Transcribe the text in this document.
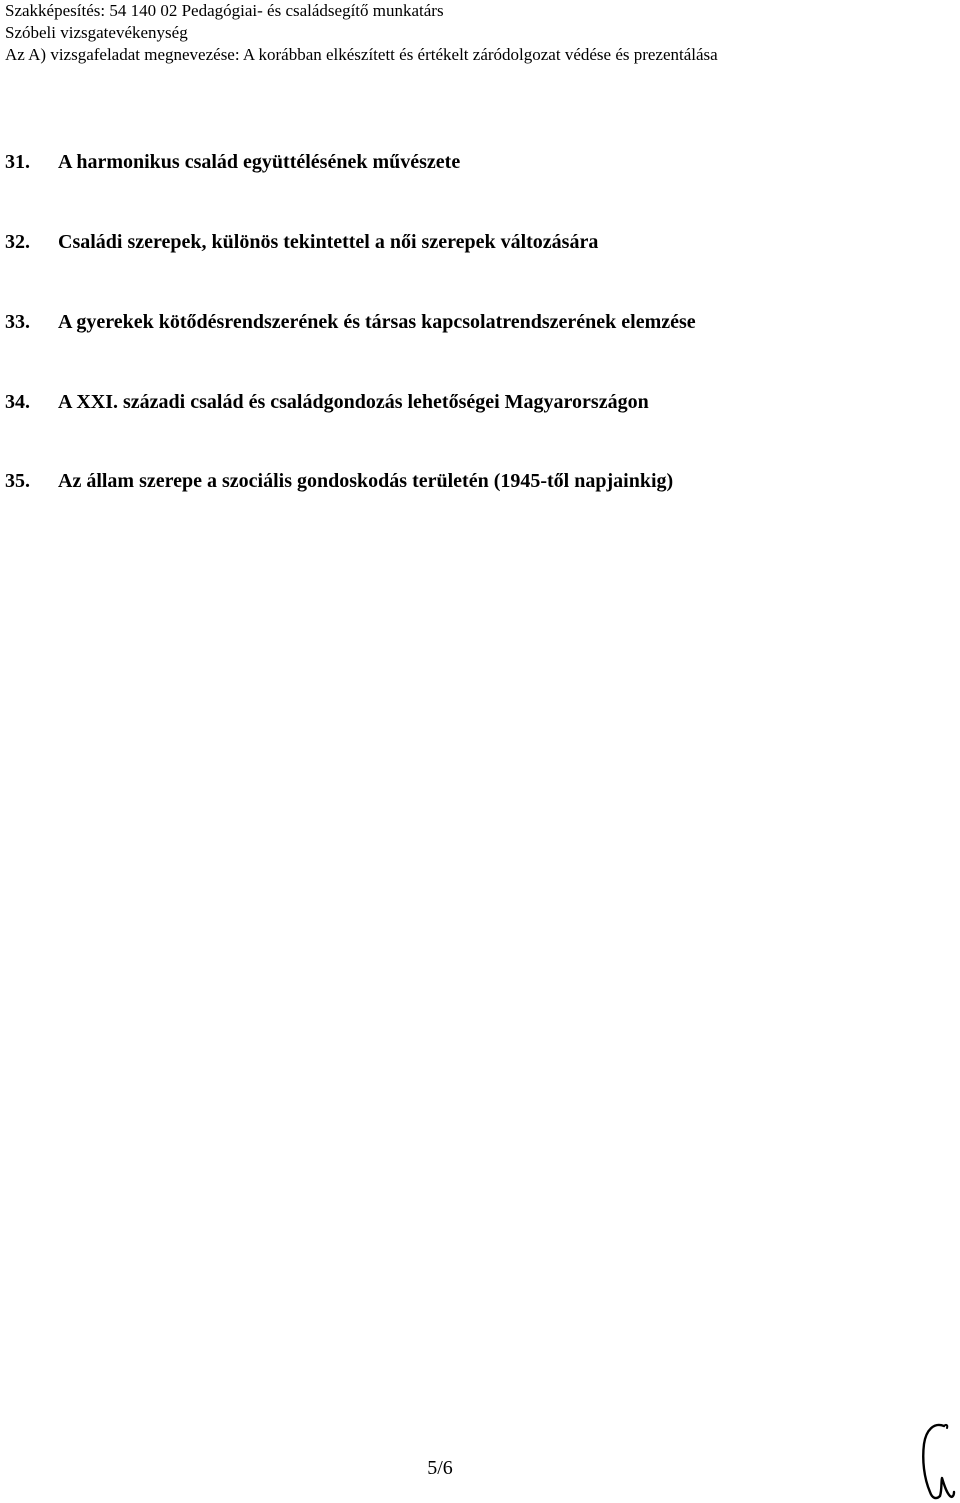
Szakképesítés: 54 140 02 Pedagógiai- és családsegítő munkatárs
Szóbeli vizsgatevékenység
Az A) vizsgafeladat megnevezése: A korábban elkészített és értékelt záródolgozat védése és prezentálása
31. A harmonikus család együttélésének művészete
32. Családi szerepek, különös tekintettel a női szerepek változására
33. A gyerekek kötődésrendszerének és társas kapcsolatrendszerének elemzése
34. A XXI. századi család és családgondozás lehetőségei Magyarországon
35. Az állam szerepe a szociális gondoskodás területén (1945-től napjainkig)
5/6
